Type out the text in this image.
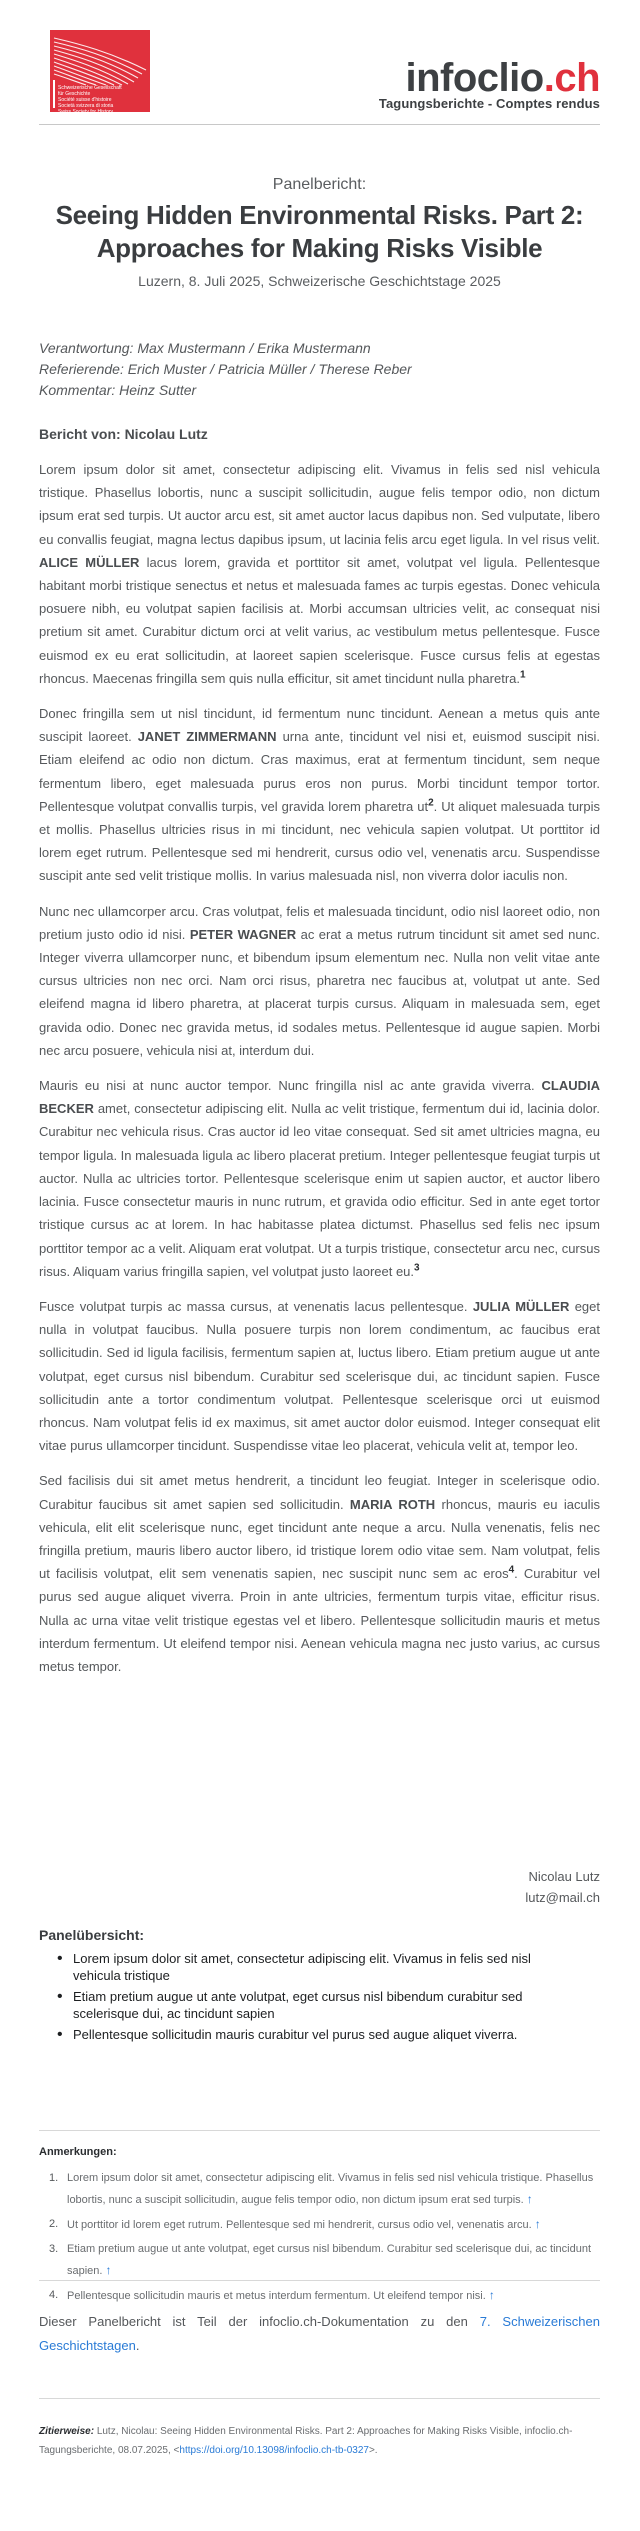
Schweizerische Gesellschaft
für Geschichte
Société suisse d'histoire
Società svizzera di storia
Swiss Society for History
infoclio.ch
Tagungsberichte - Comptes rendus
Panelbericht:
Seeing Hidden Environmental Risks. Part 2: Approaches for Making Risks Visible
Luzern, 8. Juli 2025, Schweizerische Geschichtstage 2025
Verantwortung: Max Mustermann / Erika Mustermann
Referierende: Erich Muster / Patricia Müller / Therese Reber
Kommentar: Heinz Sutter
Bericht von: Nicolau Lutz

Lorem ipsum dolor sit amet, consectetur adipiscing elit. Vivamus in felis sed nisl vehicula tristique. Phasellus lobortis, nunc a suscipit sollicitudin, augue felis tempor odio, non dictum ipsum erat sed turpis. Ut auctor arcu est, sit amet auctor lacus dapibus non. Sed vulputate, libero eu convallis feugiat, magna lectus dapibus ipsum, ut lacinia felis arcu eget ligula. In vel risus velit. ALICE MÜLLER lacus lorem, gravida et porttitor sit amet, volutpat vel ligula. Pellentesque habitant morbi tristique senectus et netus et malesuada fames ac turpis egestas. Donec vehicula posuere nibh, eu volutpat sapien facilisis at. Morbi accumsan ultricies velit, ac consequat nisi pretium sit amet. Curabitur dictum orci at velit varius, ac vestibulum metus pellentesque. Fusce euismod ex eu erat sollicitudin, at laoreet sapien scelerisque. Fusce cursus felis at egestas rhoncus. Maecenas fringilla sem quis nulla efficitur, sit amet tincidunt nulla pharetra.$^1$

Donec fringilla sem ut nisl tincidunt, id fermentum nunc tincidunt. Aenean a metus quis ante suscipit laoreet. JANET ZIMMERMANN urna ante, tincidunt vel nisi et, euismod suscipit nisi. Etiam eleifend ac odio non dictum. Cras maximus, erat at fermentum tincidunt, sem neque fermentum libero, eget malesuada purus eros non purus. Morbi tincidunt tempor tortor. Pellentesque volutpat convallis turpis, vel gravida lorem pharetra $ut^2$. Ut aliquet malesuada turpis et mollis. Phasellus ultricies risus in mi tincidunt, nec vehicula sapien volutpat. Ut porttitor id lorem eget rutrum. Pellentesque sed mi hendrerit, cursus odio vel, venenatis arcu. Suspendisse suscipit ante sed velit tristique mollis. In varius malesuada nisl, non viverra dolor iaculis non.

Nunc nec ullamcorper arcu. Cras volutpat, felis et malesuada tincidunt, odio nisl laoreet odio, non pretium justo odio id nisi. PETER WAGNER ac erat a metus rutrum tincidunt sit amet sed nunc. Integer viverra ullamcorper nunc, et bibendum ipsum elementum nec. Nulla non velit vitae ante cursus ultricies non nec orci. Nam orci risus, pharetra nec faucibus at, volutpat ut ante. Sed eleifend magna id libero pharetra, at placerat turpis cursus. Aliquam in malesuada sem, eget gravida odio. Donec nec gravida metus, id sodales metus. Pellentesque id augue sapien. Morbi nec arcu posuere, vehicula nisi at, interdum dui.

Mauris eu nisi at nunc auctor tempor. Nunc fringilla nisl ac ante gravida viverra. CLAUDIA BECKER amet, consectetur adipiscing elit. Nulla ac velit tristique, fermentum dui id, lacinia dolor. Curabitur nec vehicula risus. Cras auctor id leo vitae consequat. Sed sit amet ultricies magna, eu tempor ligula. In malesuada ligula ac libero placerat pretium. Integer pellentesque feugiat turpis ut auctor. Nulla ac ultricies tortor. Pellentesque scelerisque enim ut sapien auctor, et auctor libero lacinia. Fusce consectetur mauris in nunc rutrum, et gravida odio efficitur. Sed in ante eget tortor tristique cursus ac at lorem. In hac habitasse platea dictumst. Phasellus sed felis nec ipsum porttitor tempor ac a velit. Aliquam erat volutpat. Ut a turpis tristique, consectetur arcu nec, cursus risus. Aliquam varius fringilla sapien, vel volutpat justo laoreet eu.$^3$

Fusce volutpat turpis ac massa cursus, at venenatis lacus pellentesque. JULIA MÜLLER eget nulla in volutpat faucibus. Nulla posuere turpis non lorem condimentum, ac faucibus erat sollicitudin. Sed id ligula facilisis, fermentum sapien at, luctus libero. Etiam pretium augue ut ante volutpat, eget cursus nisl bibendum. Curabitur sed scelerisque dui, ac tincidunt sapien. Fusce sollicitudin ante a tortor condimentum volutpat. Pellentesque scelerisque orci ut euismod rhoncus. Nam volutpat felis id ex maximus, sit amet auctor dolor euismod. Integer consequat elit vitae purus ullamcorper tincidunt. Suspendisse vitae leo placerat, vehicula velit at, tempor leo.

Sed facilisis dui sit amet metus hendrerit, a tincidunt leo feugiat. Integer in scelerisque odio. Curabitur faucibus sit amet sapien sed sollicitudin. MARIA ROTH rhoncus, mauris eu iaculis vehicula, elit elit scelerisque nunc, eget tincidunt ante neque a arcu. Nulla venenatis, felis nec fringilla pretium, mauris libero auctor libero, id tristique lorem odio vitae sem. Nam volutpat, felis ut facilisis volutpat, elit sem venenatis sapien, nec suscipit nunc sem ac eros$^4$. Curabitur vel purus sed augue aliquet viverra. Proin in ante ultricies, fermentum turpis vitae, efficitur risus. Nulla ac urna vitae velit tristique egestas vel et libero. Pellentesque sollicitudin mauris et metus interdum fermentum. Ut eleifend tempor nisi. Aenean vehicula magna nec justo varius, ac cursus metus tempor.

Nicolau Lutz
lutz@mail.ch
Panelübersicht:
• Lorem ipsum dolor sit amet, consectetur adipiscing elit. Vivamus in felis sed nisl vehicula tristique
• Etiam pretium augue ut ante volutpat, eget cursus nisl bibendum curabitur sed scelerisque dui, ac tincidunt sapien
• Pellentesque sollicitudin mauris curabitur vel purus sed augue aliquet viverra.
Anmerkungen:
1. Lorem ipsum dolor sit amet, consectetur adipiscing elit. Vivamus in felis sed nisl vehicula tristique. Phasellus lobortis, nunc a suscipit sollicitudin, augue felis tempor odio, non dictum ipsum erat sed turpis. ↑
2. Ut porttitor id lorem eget rutrum. Pellentesque sed mi hendrerit, cursus odio vel, venenatis arcu. ↑
3. Etiam pretium augue ut ante volutpat, eget cursus nisl bibendum. Curabitur sed scelerisque dui, ac tincidunt sapien. ↑
4. Pellentesque sollicitudin mauris et metus interdum fermentum. Ut eleifend tempor nisi. ↑
Dieser Panelbericht ist Teil der infoclio.ch-Dokumentation zu den 7. Schweizerischen Geschichtstagen.
Zitierweise: Lutz, Nicolau: Seeing Hidden Environmental Risks. Part 2: Approaches for Making Risks Visible, infoclio.ch-Tagungsberichte, 08.07.2025, <https://doi.org/10.13098/infoclio.ch-tb-0327>.
